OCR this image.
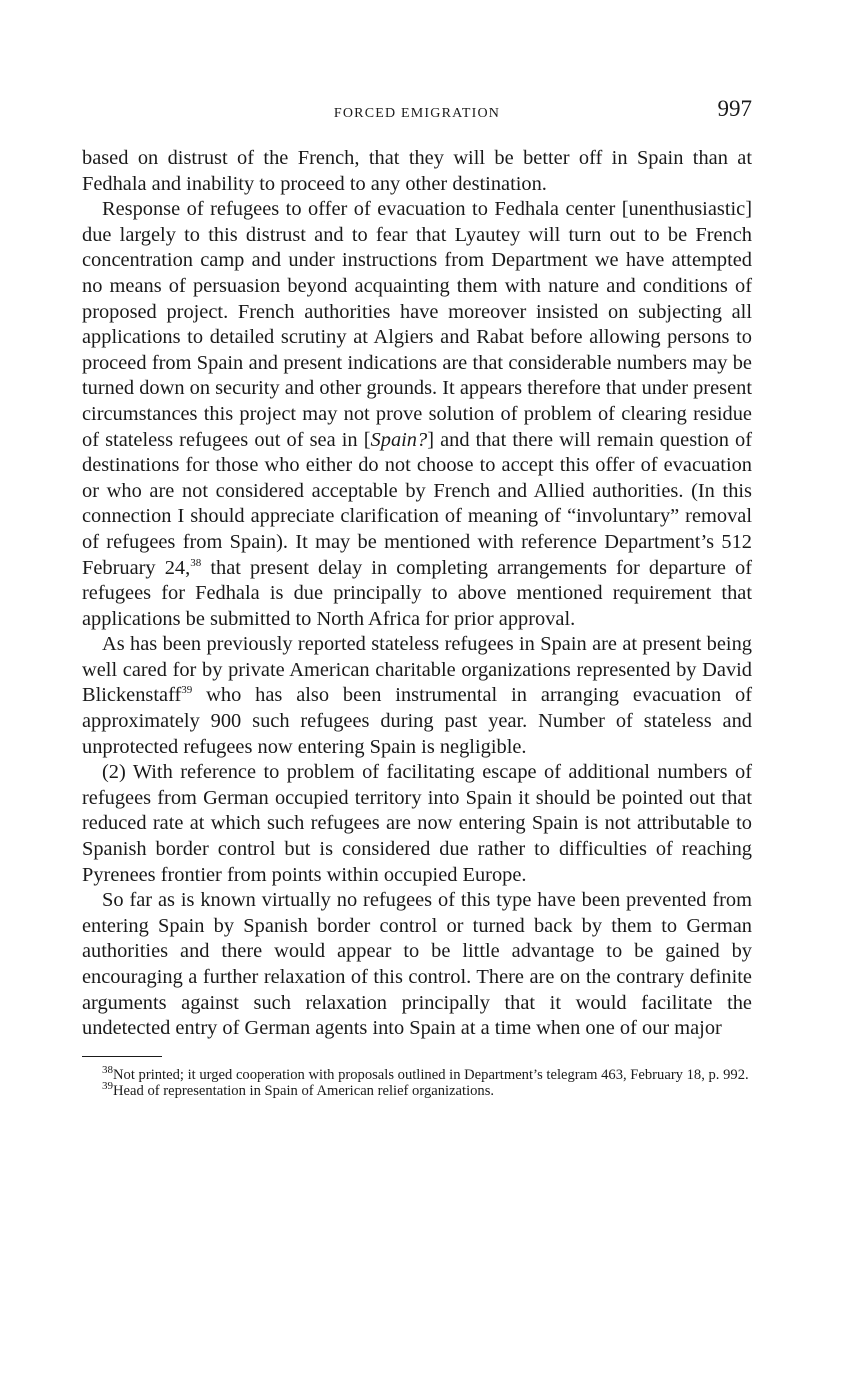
FORCED EMIGRATION	997

based on distrust of the French, that they will be better off in Spain than at Fedhala and inability to proceed to any other destination.

Response of refugees to offer of evacuation to Fedhala center [unenthusiastic] due largely to this distrust and to fear that Lyautey will turn out to be French concentration camp and under instructions from Department we have attempted no means of persuasion beyond acquainting them with nature and conditions of proposed project. French authorities have moreover insisted on subjecting all applications to detailed scrutiny at Algiers and Rabat before allowing persons to proceed from Spain and present indications are that considerable numbers may be turned down on security and other grounds. It appears therefore that under present circumstances this project may not prove solution of problem of clearing residue of stateless refugees out of sea in [Spain?] and that there will remain question of destinations for those who either do not choose to accept this offer of evacuation or who are not considered acceptable by French and Allied authorities. (In this connection I should appreciate clarification of meaning of “involuntary” removal of refugees from Spain). It may be mentioned with reference Department’s 512 February 24,38 that present delay in completing arrangements for departure of refugees for Fedhala is due principally to above mentioned requirement that applications be submitted to North Africa for prior approval.

As has been previously reported stateless refugees in Spain are at present being well cared for by private American charitable organizations represented by David Blickenstaff$^{39}$ who has also been instrumental in arranging evacuation of approximately 900 such refugees during past year. Number of stateless and unprotected refugees now entering Spain is negligible.

(2) With reference to problem of facilitating escape of additional numbers of refugees from German occupied territory into Spain it should be pointed out that reduced rate at which such refugees are now entering Spain is not attributable to Spanish border control but is considered due rather to difficulties of reaching Pyrenees frontier from points within occupied Europe.

So far as is known virtually no refugees of this type have been prevented from entering Spain by Spanish border control or turned back by them to German authorities and there would appear to be little advantage to be gained by encouraging a further relaxation of this control. There are on the contrary definite arguments against such relaxation principally that it would facilitate the undetected entry of German agents into Spain at a time when one of our major

$^{38}$Not printed; it urged cooperation with proposals outlined in Department’s telegram 463, February 18, p. 992.

$^{39}$Head of representation in Spain of American relief organizations.
